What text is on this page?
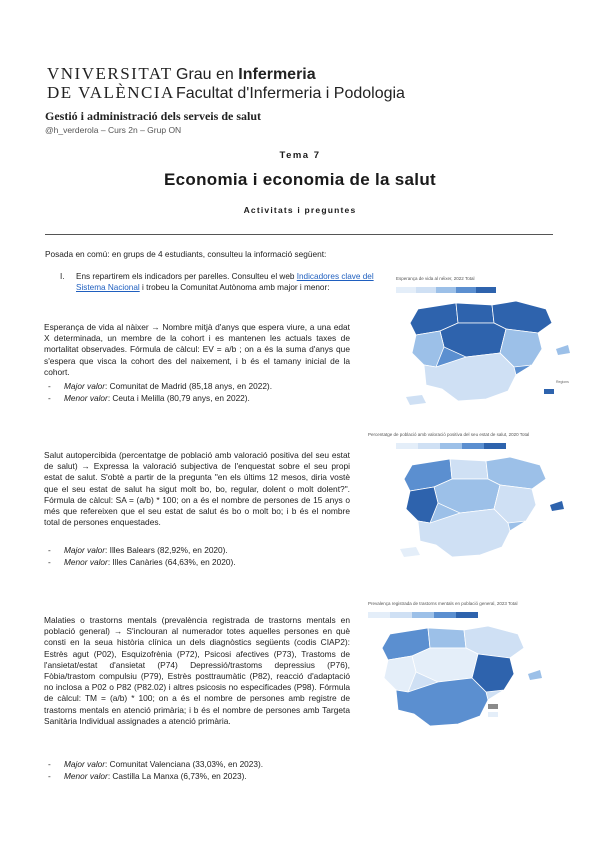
VNIVERSITAT
DE VALÈNCIA
Grau en Infermeria
Facultat d'Infermeria i Podologia
Gestió i administració dels serveis de salut
@h_verderola – Curs 2n – Grup ON
Tema 7
Economia i economia de la salut
Activitats i preguntes
Posada en comú: en grups de 4 estudiants, consulteu la informació següent:
I. Ens repartirem els indicadors per parelles. Consulteu el web Indicadores clave del Sistema Nacional i trobeu la Comunitat Autònoma amb major i menor:
Esperança de vida al nàixer → Nombre mitjà d'anys que espera viure, a una edat X determinada, un membre de la cohort i es mantenen les actuals taxes de mortalitat observades. Fórmula de càlcul: EV = a/b ; on a és la suma d'anys que s'espera que visca la cohort des del naixement, i b és el tamany inicial de la cohort.
- Major valor: Comunitat de Madrid (85,18 anys, en 2022).
- Menor valor: Ceuta i Melilla (80,79 anys, en 2022).
Esperança de vida al néixer, 2022 Total
Regions
Salut autopercibida (percentatge de població amb valoració positiva del seu estat de salut) → Expressa la valoració subjectiva de l'enquestat sobre el seu propi estat de salut. S'obtè a partir de la pregunta "en els últims 12 mesos, diria vostè que el seu estat de salut ha sigut molt bo, bo, regular, dolent o molt dolent?". Fórmula de càlcul: SA = (a/b) * 100; on a és el nombre de persones de 15 anys o més que refereixen que el seu estat de salut és bo o molt bo; i b és el nombre total de persones enquestades.
- Major valor: Illes Balears (82,92%, en 2020).
- Menor valor: Illes Canàries (64,63%, en 2020).
Percentatge de població amb valoració positiva del seu estat de salut, 2020 Total
Malaties o trastorns mentals (prevalència registrada de trastorns mentals en població general) → S'inclouran al numerador totes aquelles persones en què consti en la seua història clínica un dels diagnòstics següents (codis CIAP2): Estrès agut (P02), Esquizofrènia (P72), Psicosi afectives (P73), Trastoms de l'ansietat/estat d'ansietat (P74) Depressió/trastoms depressius (P76), Fòbia/trastom compulsiu (P79), Estrès posttraumàtic (P82), reacció d'adaptació no inclosa a P02 o P82 (P82.02) i altres psicosis no especificades (P98). Fórmula de càlcul: TM = (a/b) * 100; on a és el nombre de persones amb registre de trastorns mentals en atenció primària; i b és el nombre de persones amb Targeta Sanitària Individual assignades a atenció primària.
- Major valor: Comunitat Valenciana (33,03%, en 2023).
- Menor valor: Castilla La Manxa (6,73%, en 2023).
Prevalença registrada de trastorns mentals en població general, 2023 Total
